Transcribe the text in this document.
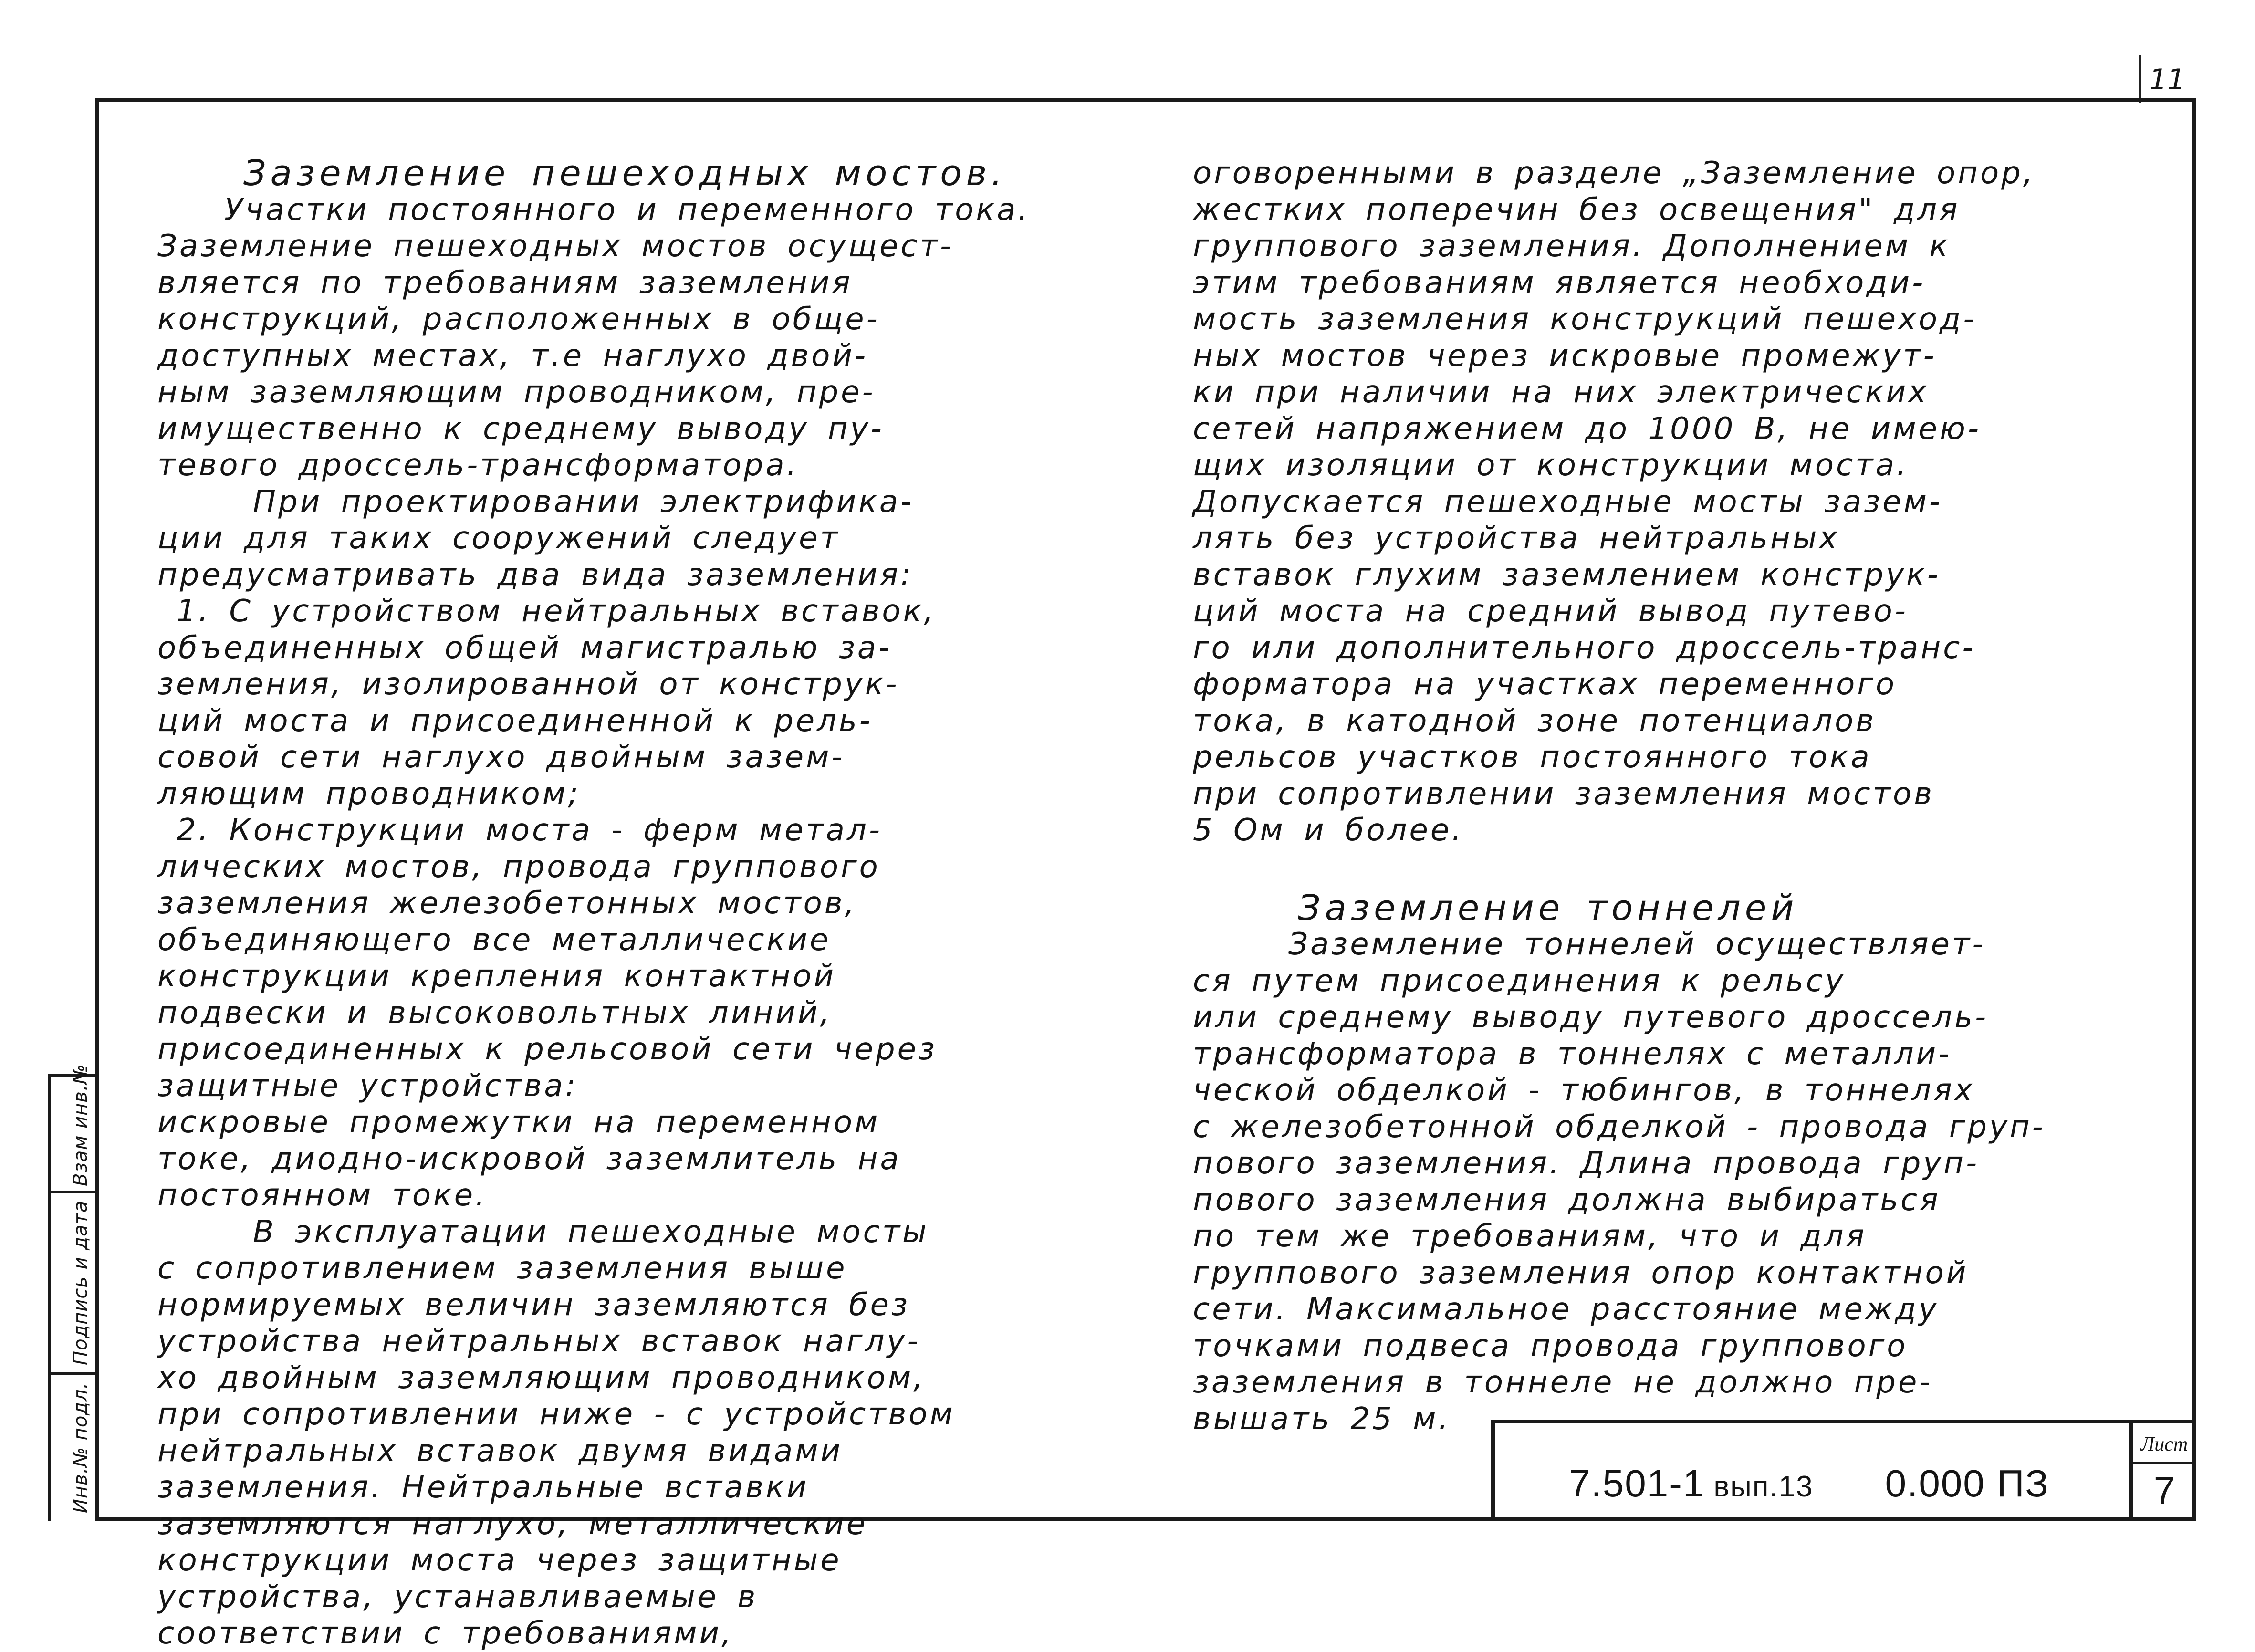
11
Заземление пешеходных мостов.
Участки постоянного и переменного тока.
Заземление пешеходных мостов осущест-
вляется по требованиям заземления
конструкций, расположенных в обще-
доступных местах, т.е наглухо двой-
ным заземляющим проводником, пре-
имущественно к среднему выводу пу-
тевого дроссель-трансформатора.
При проектировании электрифика-
ции для таких сооружений следует
предусматривать два вида заземления:
1. С устройством нейтральных вставок,
объединенных общей магистралью за-
земления, изолированной от конструк-
ций моста и присоединенной к рель-
совой сети наглухо двойным зазем-
ляющим проводником;
2. Конструкции моста - ферм метал-
лических мостов, провода группового
заземления железобетонных мостов,
объединяющего все металлические
конструкции крепления контактной
подвески и высоковольтных линий,
присоединенных к рельсовой сети через
защитные устройства:
искровые промежутки на переменном
токе, диодно-искровой заземлитель на
постоянном токе.
В эксплуатации пешеходные мосты
с сопротивлением заземления выше
нормируемых величин заземляются без
устройства нейтральных вставок наглу-
хо двойным заземляющим проводником,
при сопротивлении ниже - с устройством
нейтральных вставок двумя видами
заземления. Нейтральные вставки
заземляются наглухо, металлические
конструкции моста через защитные
устройства, устанавливаемые в
соответствии с требованиями,
оговоренными в разделе „Заземление опор,
жестких поперечин без освещения" для
группового заземления. Дополнением к
этим требованиям является необходи-
мость заземления конструкций пешеход-
ных мостов через искровые промежут-
ки при наличии на них электрических
сетей напряжением до 1000 В, не имею-
щих изоляции от конструкции моста.
Допускается пешеходные мосты зазем-
лять без устройства нейтральных
вставок глухим заземлением конструк-
ций моста на средний вывод путево-
го или дополнительного дроссель-транс-
форматора на участках переменного
тока, в катодной зоне потенциалов
рельсов участков постоянного тока
при сопротивлении заземления мостов
5 Ом и более.
Заземление тоннелей
Заземление тоннелей осуществляет-
ся путем присоединения к рельсу
или среднему выводу путевого дроссель-
трансформатора в тоннелях с металли-
ческой обделкой - тюбингов, в тоннелях
с железобетонной обделкой - провода груп-
пового заземления. Длина провода груп-
пового заземления должна выбираться
по тем же требованиям, что и для
группового заземления опор контактной
сети. Максимальное расстояние между
точками подвеса провода группового
заземления в тоннеле не должно пре-
вышать 25 м.
Взам инв.№
Подпись и дата
Инв.№ подл.	7.501-1 вып.13 0.000 ПЗ
Лист
7
